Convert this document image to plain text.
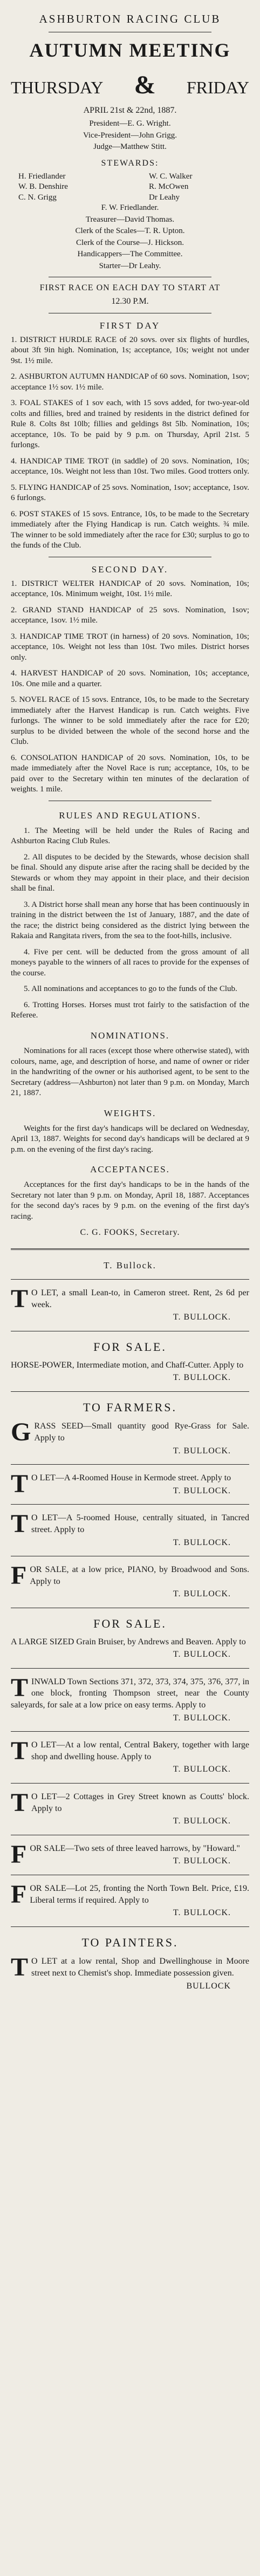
ASHBURTON RACING CLUB
AUTUMN MEETING
THURSDAY & FRIDAY
APRIL 21st & 22nd, 1887.
President—E. G. Wright.
Vice-President—John Grigg.
Judge—Matthew Stitt.
STEWARDS:
H. Friedlander	W. C. Walker
W. B. Denshire	R. McOwen
C. N. Grigg	Dr Leahy
F. W. Friedlander.
Treasurer—David Thomas.
Clerk of the Scales—T. R. Upton.
Clerk of the Course—J. Hickson.
Handicappers—The Committee.
Starter—Dr Leahy.
FIRST RACE ON EACH DAY TO START AT
12.30 P.M.
FIRST DAY

1. DISTRICT HURDLE RACE of 20 sovs. over six flights of hurdles, about 3ft 9in high. Nomination, 1s; acceptance, 10s; weight not under 9st. 1½ mile.

2. ASHBURTON AUTUMN HANDICAP of 60 sovs. Nomination, 1sov; acceptance 1½ sov. 1½ mile.

3. FOAL STAKES of 1 sov each, with 15 sovs added, for two-year-old colts and fillies, bred and trained by residents in the district defined for Rule 8. Colts 8st 10lb; fillies and geldings 8st 5lb. Nomination, 10s; acceptance, 10s. To be paid by 9 p.m. on Thursday, April 21st. 5 furlongs.

4. HANDICAP TIME TROT (in saddle) of 20 sovs. Nomination, 10s; acceptance, 10s. Weight not less than 10st. Two miles. Good trotters only.

5. FLYING HANDICAP of 25 sovs. Nomination, 1sov; acceptance, 1sov. 6 furlongs.

6. POST STAKES of 15 sovs. Entrance, 10s, to be made to the Secretary immediately after the Flying Handicap is run. Catch weights. ¾ mile. The winner to be sold immediately after the race for £30; surplus to go to the funds of the Club.

SECOND DAY.

1. DISTRICT WELTER HANDICAP of 20 sovs. Nomination, 10s; acceptance, 10s. Minimum weight, 10st. 1½ mile.

2. GRAND STAND HANDICAP of 25 sovs. Nomination, 1sov; acceptance, 1sov. 1½ mile.

3. HANDICAP TIME TROT (in harness) of 20 sovs. Nomination, 10s; acceptance, 10s. Weight not less than 10st. Two miles. District horses only.

4. HARVEST HANDICAP of 20 sovs. Nomination, 10s; acceptance, 10s. One mile and a quarter.

5. NOVEL RACE of 15 sovs. Entrance, 10s, to be made to the Secretary immediately after the Harvest Handicap is run. Catch weights. Five furlongs. The winner to be sold immediately after the race for £20; surplus to be divided between the whole of the second horse and the Club.

6. CONSOLATION HANDICAP of 20 sovs. Nomination, 10s, to be made immediately after the Novel Race is run; acceptance, 10s, to be paid over to the Secretary within ten minutes of the declaration of weights. 1 mile.

RULES AND REGULATIONS.

1. The Meeting will be held under the Rules of Racing and Ashburton Racing Club Rules.

2. All disputes to be decided by the Stewards, whose decision shall be final. Should any dispute arise after the racing shall be decided by the Stewards or whom they may appoint in their place, and their decision shall be final.

3. A District horse shall mean any horse that has been continuously in training in the district between the 1st of January, 1887, and the date of the race; the district being considered as the district lying between the Rakaia and Rangitata rivers, from the sea to the foot-hills, inclusive.

4. Five per cent. will be deducted from the gross amount of all moneys payable to the winners of all races to provide for the expenses of the course.

5. All nominations and acceptances to go to the funds of the Club.

6. Trotting Horses. Horses must trot fairly to the satisfaction of the Referee.

NOMINATIONS.

Nominations for all races (except those where otherwise stated), with colours, name, age, and description of horse, and name of owner or rider in the handwriting of the owner or his authorised agent, to be sent to the Secretary (address—Ashburton) not later than 9 p.m. on Monday, March 21, 1887.

WEIGHTS.

Weights for the first day's handicaps will be declared on Wednesday, April 13, 1887. Weights for second day's handicaps will be declared at 9 p.m. on the evening of the first day's racing.

ACCEPTANCES.

Acceptances for the first day's handicaps to be in the hands of the Secretary not later than 9 p.m. on Monday, April 18, 1887. Acceptances for the second day's races by 9 p.m. on the evening of the first day's racing.

C. G. FOOKS, Secretary.
T. Bullock.
T O LET, a small Lean-to, in Cameron street. Rent, 2s 6d per week.
T. BULLOCK.
FOR SALE.
HORSE-POWER, Intermediate motion, and Chaff-Cutter. Apply to
T. BULLOCK.
TO FARMERS.
GRASS SEED—Small quantity good Rye-Grass for Sale. Apply to
T. BULLOCK.
T O LET—A 4-Roomed House in Kermode street. Apply to
T. BULLOCK.
T O LET—A 5-roomed House, centrally situated, in Tancred street. Apply to
T. BULLOCK.
FOR SALE, at a low price, PIANO, by Broadwood and Sons. Apply to
T. BULLOCK.
FOR SALE.
A LARGE SIZED Grain Bruiser, by Andrews and Beaven. Apply to
T. BULLOCK.
TINWALD Town Sections 371, 372, 373, 374, 375, 376, 377, in one block, fronting Thompson street, near the County saleyards, for sale at a low price on easy terms. Apply to
T. BULLOCK.
T O LET—At a low rental, Central Bakery, together with large shop and dwelling house. Apply to
T. BULLOCK.
T O LET—2 Cottages in Grey Street known as Coutts' block. Apply to
T. BULLOCK.
FOR SALE—Two sets of three leaved harrows, by "Howard."
T. BULLOCK.
FOR SALE—Lot 25, fronting the North Town Belt. Price, £19. Liberal terms if required. Apply to
T. BULLOCK.
TO PAINTERS.
T O LET at a low rental, Shop and Dwellinghouse in Moore street next to Chemist's shop. Immediate possession given.
BULLOCK
